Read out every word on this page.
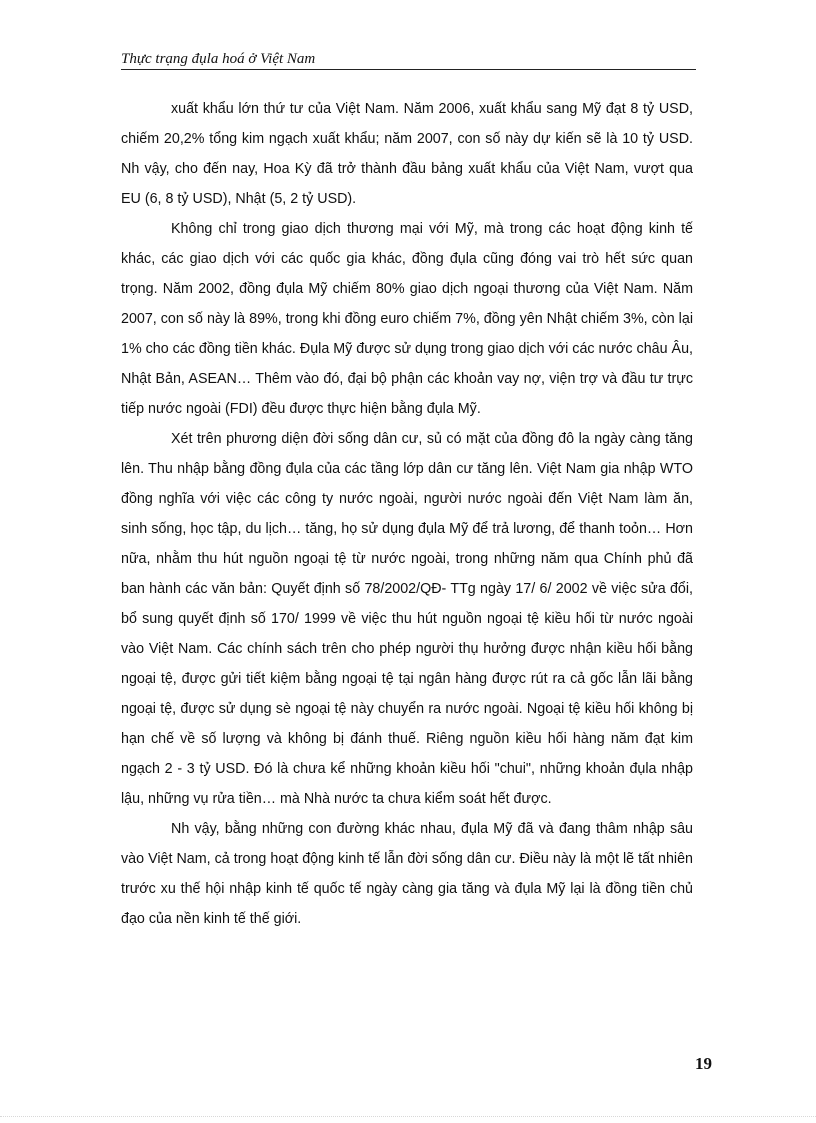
Thực trạng đụla hoá ở Việt Nam

xuất khẩu lớn thứ tư của Việt Nam. Năm 2006, xuất khẩu sang Mỹ đạt 8 tỷ USD, chiếm 20,2% tổng kim ngạch xuất khẩu; năm 2007, con số này dự kiến sẽ là 10 tỷ USD. Nh vậy, cho đến nay, Hoa Kỳ đã trở thành đầu bảng xuất khẩu của Việt Nam, vượt qua EU (6, 8 tỷ USD), Nhật (5, 2 tỷ USD).

Không chỉ trong giao dịch thương mại với Mỹ, mà trong các hoạt động kinh tế khác, các giao dịch với các quốc gia khác, đồng đụla cũng đóng vai trò hết sức quan trọng. Năm 2002, đồng đụla Mỹ chiếm 80% giao dịch ngoại thương của Việt Nam. Năm 2007, con số này là 89%, trong khi đồng euro chiếm 7%, đồng yên Nhật chiếm 3%, còn lại 1% cho các đồng tiền khác. Đụla Mỹ được sử dụng trong giao dịch với các nước châu Âu, Nhật Bản, ASEAN… Thêm vào đó, đại bộ phận các khoản vay nợ, viện trợ và đầu tư trực tiếp nước ngoài (FDI) đều được thực hiện bằng đụla Mỹ.

Xét trên phương diện đời sống dân cư, sủ có mặt của đồng đô la ngày càng tăng lên. Thu nhập bằng đồng đụla của các tầng lớp dân cư tăng lên. Việt Nam gia nhập WTO đồng nghĩa với việc các công ty nước ngoài, người nước ngoài đến Việt Nam làm ăn, sinh sống, học tập, du lịch… tăng, họ sử dụng đụla Mỹ để trả lương, để thanh toỏn… Hơn nữa, nhằm thu hút nguồn ngoại tệ từ nước ngoài, trong những năm qua Chính phủ đã ban hành các văn bản: Quyết định số 78/2002/QĐ- TTg ngày 17/ 6/ 2002 về việc sửa đổi, bổ sung quyết định số 170/ 1999 về việc thu hút nguồn ngoại tệ kiều hối từ nước ngoài vào Việt Nam. Các chính sách trên cho phép người thụ hưởng được nhận kiều hối bằng ngoại tệ, được gửi tiết kiệm bằng ngoại tệ tại ngân hàng được rút ra cả gốc lẫn lãi bằng ngoại tệ, được sử dụng sè ngoại tệ này chuyển ra nước ngoài. Ngoại tệ kiều hối không bị hạn chế về số lượng và không bị đánh thuế. Riêng nguồn kiều hối hàng năm đạt kim ngạch 2 - 3 tỷ USD. Đó là chưa kể những khoản kiều hối "chui", những khoản đụla nhập lậu, những vụ rửa tiền… mà Nhà nước ta chưa kiểm soát hết được.

Nh vậy, bằng những con đường khác nhau, đụla Mỹ đã và đang thâm nhập sâu vào Việt Nam, cả trong hoạt động kinh tế lẫn đời sống dân cư. Điều này là một lẽ tất nhiên trước xu thế hội nhập kinh tế quốc tế ngày càng gia tăng và đụla Mỹ lại là đồng tiền chủ đạo của nền kinh tế thế giới.

19
